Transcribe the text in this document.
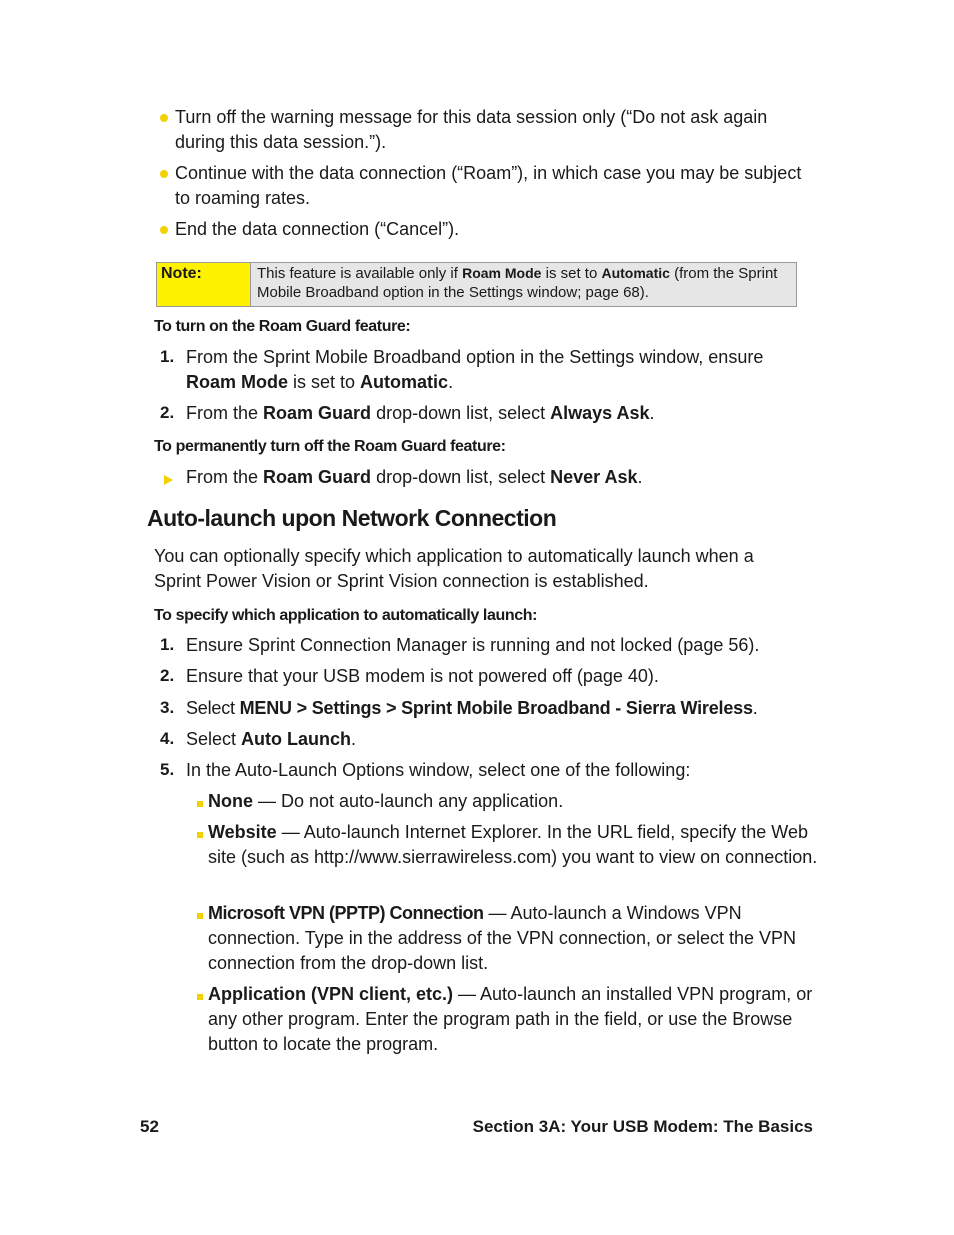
Turn off the warning message for this data session only (“Do not ask again during this data session.”).
Continue with the data connection (“Roam”), in which case you may be subject to roaming rates.
End the data connection (“Cancel”).
Note:	This feature is available only if Roam Mode is set to Automatic (from the Sprint Mobile Broadband option in the Settings window; page 68).
To turn on the Roam Guard feature:
1. From the Sprint Mobile Broadband option in the Settings window, ensure Roam Mode is set to Automatic.
2. From the Roam Guard drop-down list, select Always Ask.
To permanently turn off the Roam Guard feature:
From the Roam Guard drop-down list, select Never Ask.
Auto-launch upon Network Connection
You can optionally specify which application to automatically launch when a Sprint Power Vision or Sprint Vision connection is established.
To specify which application to automatically launch:
1. Ensure Sprint Connection Manager is running and not locked (page 56).
2. Ensure that your USB modem is not powered off (page 40).
3. Select MENU > Settings > Sprint Mobile Broadband - Sierra Wireless.
4. Select Auto Launch.
5. In the Auto-Launch Options window, select one of the following:
None — Do not auto-launch any application.
Website — Auto-launch Internet Explorer. In the URL field, specify the Web site (such as http://www.sierrawireless.com) you want to view on connection.
Microsoft VPN (PPTP) Connection — Auto-launch a Windows VPN connection. Type in the address of the VPN connection, or select the VPN connection from the drop-down list.
Application (VPN client, etc.) — Auto-launch an installed VPN program, or any other program. Enter the program path in the field, or use the Browse button to locate the program.
52	Section 3A: Your USB Modem: The Basics
